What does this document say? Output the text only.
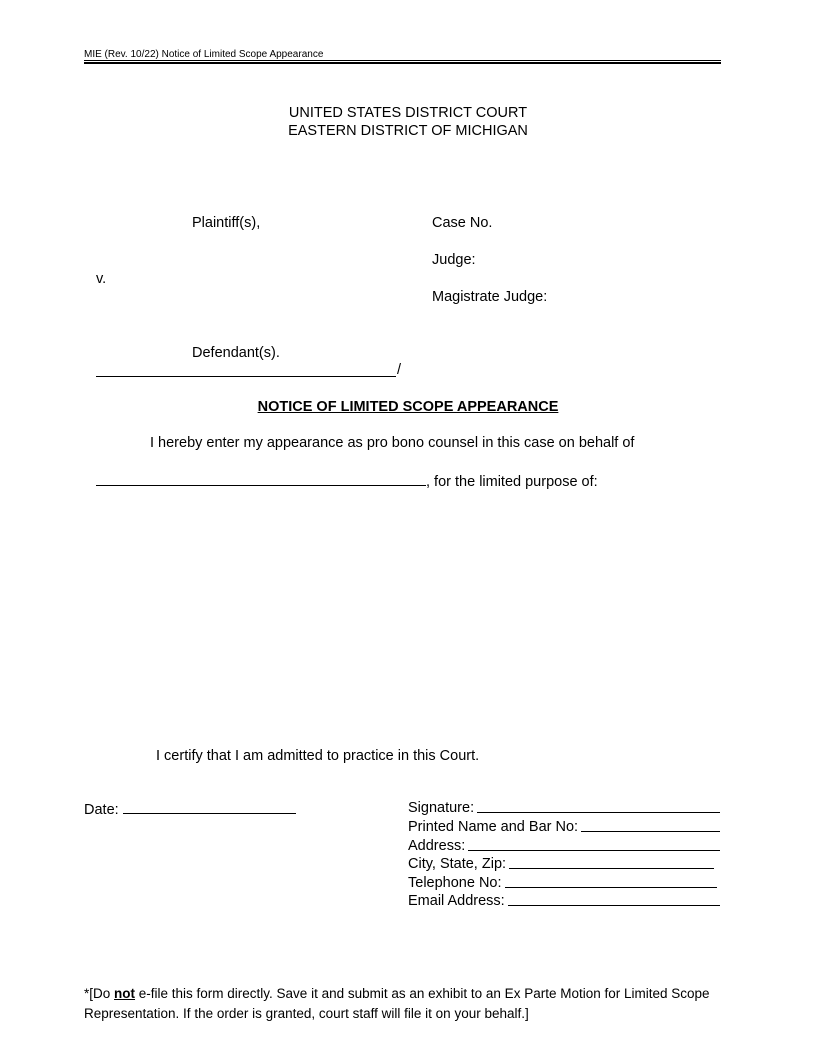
MIE (Rev. 10/22) Notice of Limited Scope Appearance
UNITED STATES DISTRICT COURT
EASTERN DISTRICT OF MICHIGAN
Plaintiff(s),	Case No.
Judge:
v.
Magistrate Judge:
Defendant(s).
/
NOTICE OF LIMITED SCOPE APPEARANCE
I hereby enter my appearance as pro bono counsel in this case on behalf of
, for the limited purpose of:
I certify that I am admitted to practice in this Court.
Date:	Signature:
Printed Name and Bar No:
Address:
City, State, Zip:
Telephone No:
Email Address:
*[Do not e-file this form directly. Save it and submit as an exhibit to an Ex Parte Motion for Limited Scope Representation. If the order is granted, court staff will file it on your behalf.]
